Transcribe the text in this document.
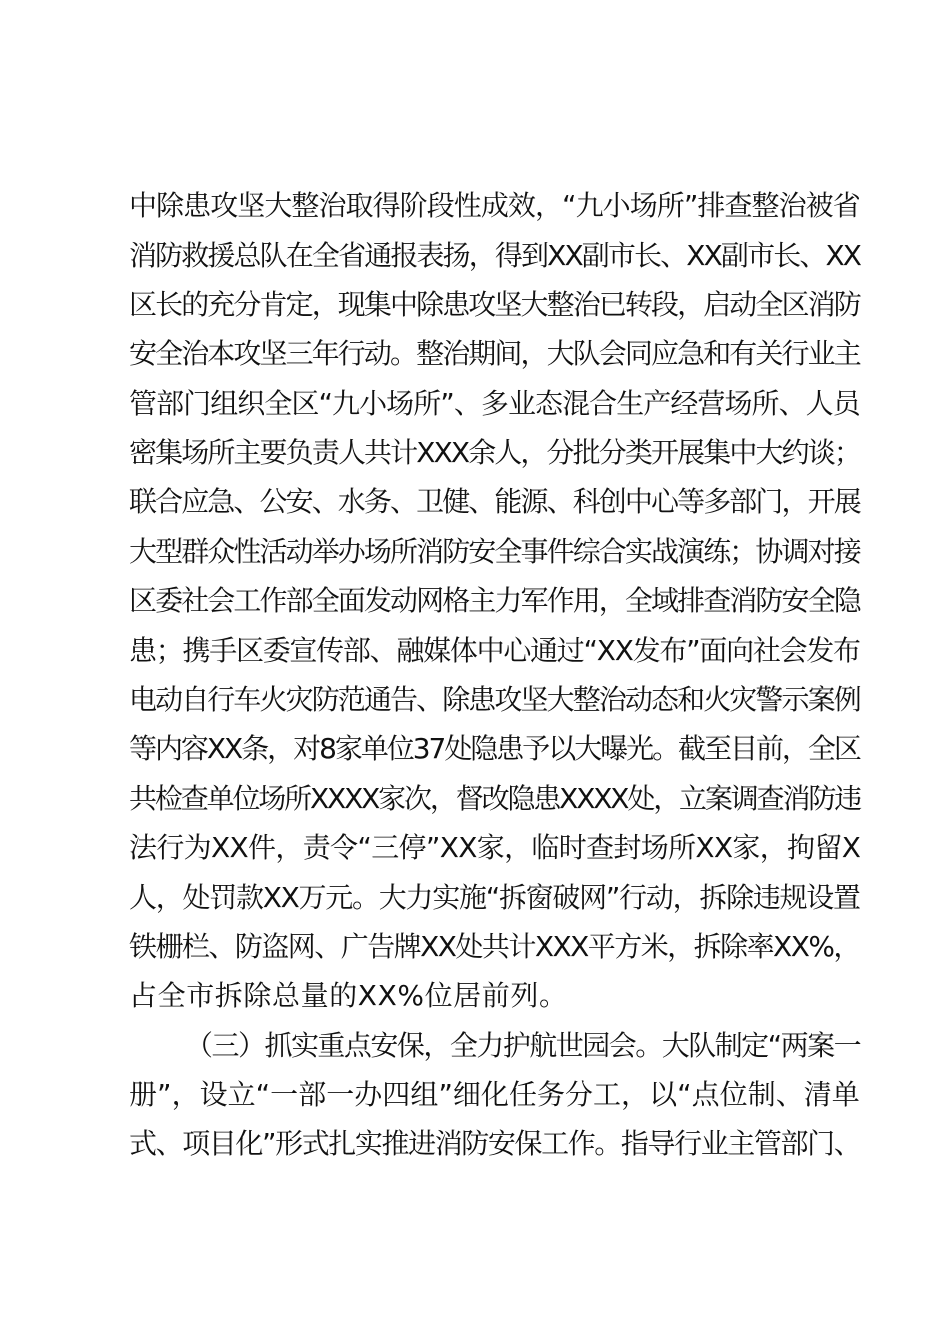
中除患攻坚大整治取得阶段性成效，“九小场所”排查整治被省
消防救援总队在全省通报表扬，得到XX副市长、XX副市长、XX
区长的充分肯定，现集中除患攻坚大整治已转段，启动全区消防
安全治本攻坚三年行动。整治期间，大队会同应急和有关行业主
管部门组织全区“九小场所”、多业态混合生产经营场所、人员
密集场所主要负责人共计XXX余人，分批分类开展集中大约谈；
联合应急、公安、水务、卫健、能源、科创中心等多部门，开展
大型群众性活动举办场所消防安全事件综合实战演练；协调对接
区委社会工作部全面发动网格主力军作用，全域排查消防安全隐
患；携手区委宣传部、融媒体中心通过“XX发布”面向社会发布
电动自行车火灾防范通告、除患攻坚大整治动态和火灾警示案例
等内容XX条，对8家单位37处隐患予以大曝光。截至目前，全区
共检查单位场所XXXX家次，督改隐患XXXX处，立案调查消防违
法行为XX件，责令“三停”XX家，临时查封场所XX家，拘留X
人，处罚款XX万元。大力实施“拆窗破网”行动，拆除违规设置
铁栅栏、防盗网、广告牌XX处共计XXX平方米，拆除率XX%，
占全市拆除总量的XX%位居前列。
（三）抓实重点安保，全力护航世园会。大队制定“两案一
册”，设立“一部一办四组”细化任务分工，以“点位制、清单
式、项目化”形式扎实推进消防安保工作。指导行业主管部门、
